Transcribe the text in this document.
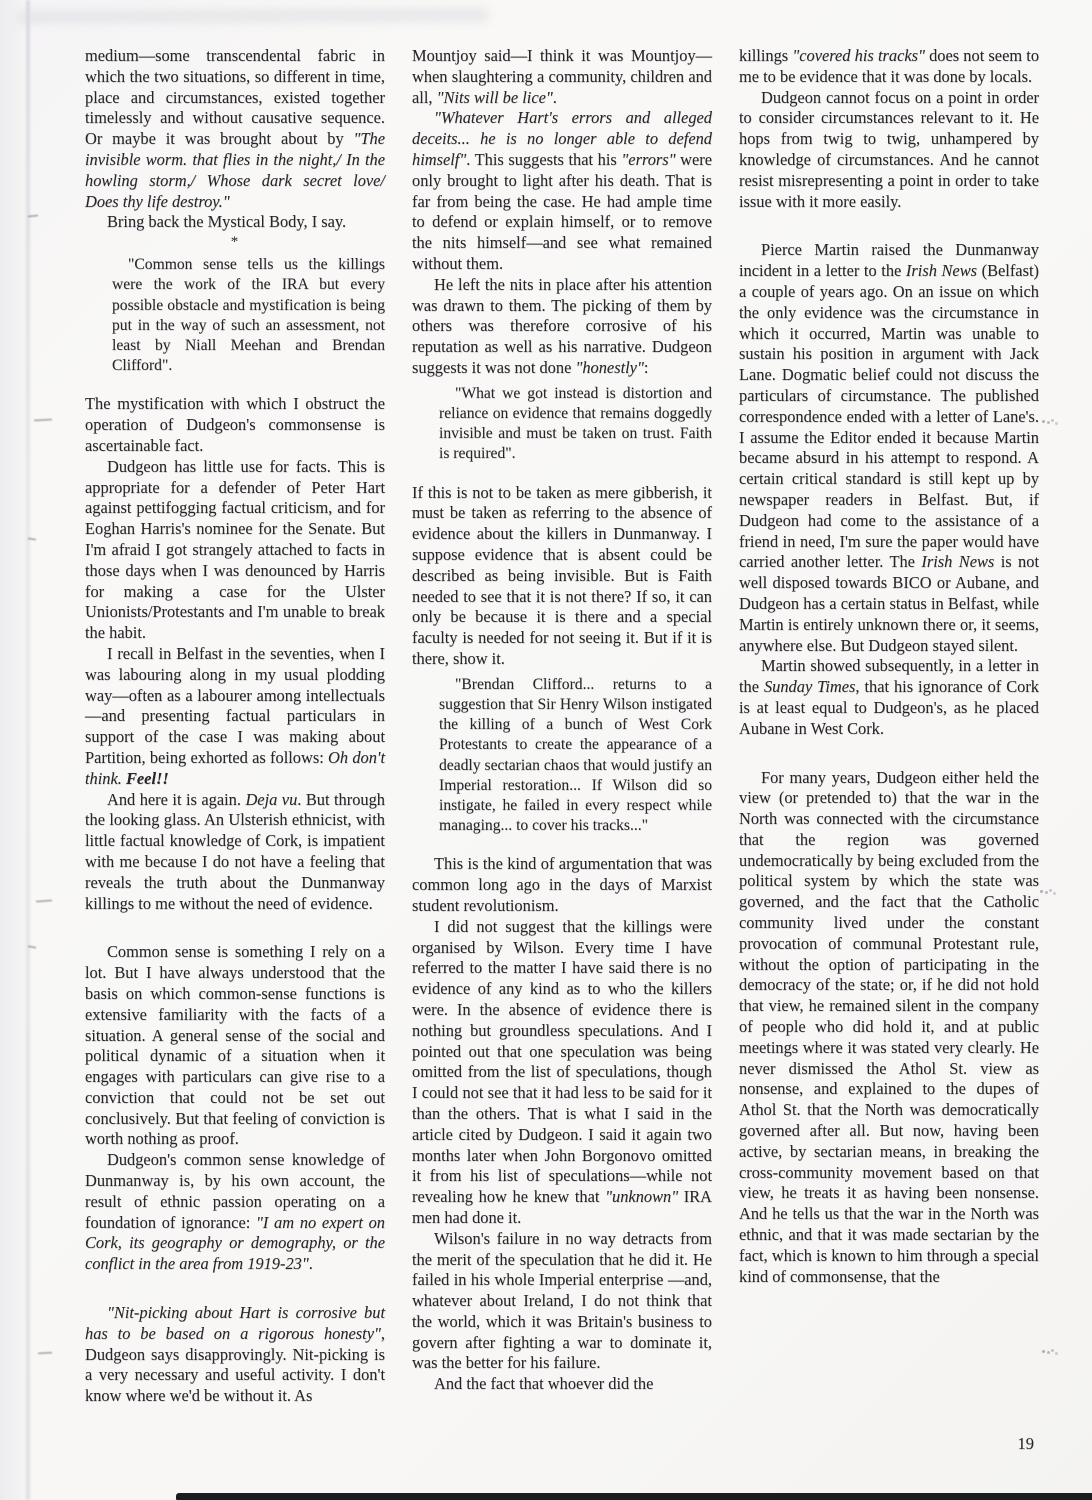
medium—some transcendental fabric in which the two situations, so different in time, place and circumstances, existed together timelessly and without causative sequence. Or maybe it was brought about by "The invisible worm. that flies in the night,/ In the howling storm,/ Whose dark secret love/ Does thy life destroy."

Bring back the Mystical Body, I say.

*

"Common sense tells us the killings were the work of the IRA but every possible obstacle and mystification is being put in the way of such an assessment, not least by Niall Meehan and Brendan Clifford".

The mystification with which I obstruct the operation of Dudgeon's commonsense is ascertainable fact.

Dudgeon has little use for facts. This is appropriate for a defender of Peter Hart against pettifogging factual criticism, and for Eoghan Harris's nominee for the Senate. But I'm afraid I got strangely attached to facts in those days when I was denounced by Harris for making a case for the Ulster Unionists/Protestants and I'm unable to break the habit.

I recall in Belfast in the seventies, when I was labouring along in my usual plodding way—often as a labourer among intellectuals —and presenting factual particulars in support of the case I was making about Partition, being exhorted as follows: Oh don't think. Feel!!

And here it is again. Deja vu. But through the looking glass. An Ulsterish ethnicist, with little factual knowledge of Cork, is impatient with me because I do not have a feeling that reveals the truth about the Dunmanway killings to me without the need of evidence.

Common sense is something I rely on a lot. But I have always understood that the basis on which common-sense functions is extensive familiarity with the facts of a situation. A general sense of the social and political dynamic of a situation when it engages with particulars can give rise to a conviction that could not be set out conclusively. But that feeling of conviction is worth nothing as proof.

Dudgeon's common sense knowledge of Dunmanway is, by his own account, the result of ethnic passion operating on a foundation of ignorance: "I am no expert on Cork, its geography or demography, or the conflict in the area from 1919-23".

"Nit-picking about Hart is corrosive but has to be based on a rigorous honesty", Dudgeon says disapprovingly. Nit-picking is a very necessary and useful activity. I don't know where we'd be without it. As

Mountjoy said—I think it was Mountjoy—when slaughtering a community, children and all, "Nits will be lice".

"Whatever Hart's errors and alleged deceits... he is no longer able to defend himself". This suggests that his "errors" were only brought to light after his death. That is far from being the case. He had ample time to defend or explain himself, or to remove the nits himself—and see what remained without them.

He left the nits in place after his attention was drawn to them. The picking of them by others was therefore corrosive of his reputation as well as his narrative. Dudgeon suggests it was not done "honestly":

"What we got instead is distortion and reliance on evidence that remains doggedly invisible and must be taken on trust. Faith is required".

If this is not to be taken as mere gibberish, it must be taken as referring to the absence of evidence about the killers in Dunmanway. I suppose evidence that is absent could be described as being invisible. But is Faith needed to see that it is not there? If so, it can only be because it is there and a special faculty is needed for not seeing it. But if it is there, show it.

"Brendan Clifford... returns to a suggestion that Sir Henry Wilson instigated the killing of a bunch of West Cork Protestants to create the appearance of a deadly sectarian chaos that would justify an Imperial restoration... If Wilson did so instigate, he failed in every respect while managing... to cover his tracks..."

This is the kind of argumentation that was common long ago in the days of Marxist student revolutionism.

I did not suggest that the killings were organised by Wilson. Every time I have referred to the matter I have said there is no evidence of any kind as to who the killers were. In the absence of evidence there is nothing but groundless speculations. And I pointed out that one speculation was being omitted from the list of speculations, though I could not see that it had less to be said for it than the others. That is what I said in the article cited by Dudgeon. I said it again two months later when John Borgonovo omitted it from his list of speculations—while not revealing how he knew that "unknown" IRA men had done it.

Wilson's failure in no way detracts from the merit of the speculation that he did it. He failed in his whole Imperial enterprise —and, whatever about Ireland, I do not think that the world, which it was Britain's business to govern after fighting a war to dominate it, was the better for his failure.

And the fact that whoever did the

killings "covered his tracks" does not seem to me to be evidence that it was done by locals.

Dudgeon cannot focus on a point in order to consider circumstances relevant to it. He hops from twig to twig, unhampered by knowledge of circumstances. And he cannot resist misrepresenting a point in order to take issue with it more easily.

Pierce Martin raised the Dunmanway incident in a letter to the Irish News (Belfast) a couple of years ago. On an issue on which the only evidence was the circumstance in which it occurred, Martin was unable to sustain his position in argument with Jack Lane. Dogmatic belief could not discuss the particulars of circumstance. The published correspondence ended with a letter of Lane's. I assume the Editor ended it because Martin became absurd in his attempt to respond. A certain critical standard is still kept up by newspaper readers in Belfast. But, if Dudgeon had come to the assistance of a friend in need, I'm sure the paper would have carried another letter. The Irish News is not well disposed towards BICO or Aubane, and Dudgeon has a certain status in Belfast, while Martin is entirely unknown there or, it seems, anywhere else. But Dudgeon stayed silent.

Martin showed subsequently, in a letter in the Sunday Times, that his ignorance of Cork is at least equal to Dudgeon's, as he placed Aubane in West Cork.

For many years, Dudgeon either held the view (or pretended to) that the war in the North was connected with the circumstance that the region was governed undemocratically by being excluded from the political system by which the state was governed, and the fact that the Catholic community lived under the constant provocation of communal Protestant rule, without the option of participating in the democracy of the state; or, if he did not hold that view, he remained silent in the company of people who did hold it, and at public meetings where it was stated very clearly. He never dismissed the Athol St. view as nonsense, and explained to the dupes of Athol St. that the North was democratically governed after all. But now, having been active, by sectarian means, in breaking the cross-community movement based on that view, he treats it as having been nonsense. And he tells us that the war in the North was ethnic, and that it was made sectarian by the fact, which is known to him through a special kind of commonsense, that the

19
